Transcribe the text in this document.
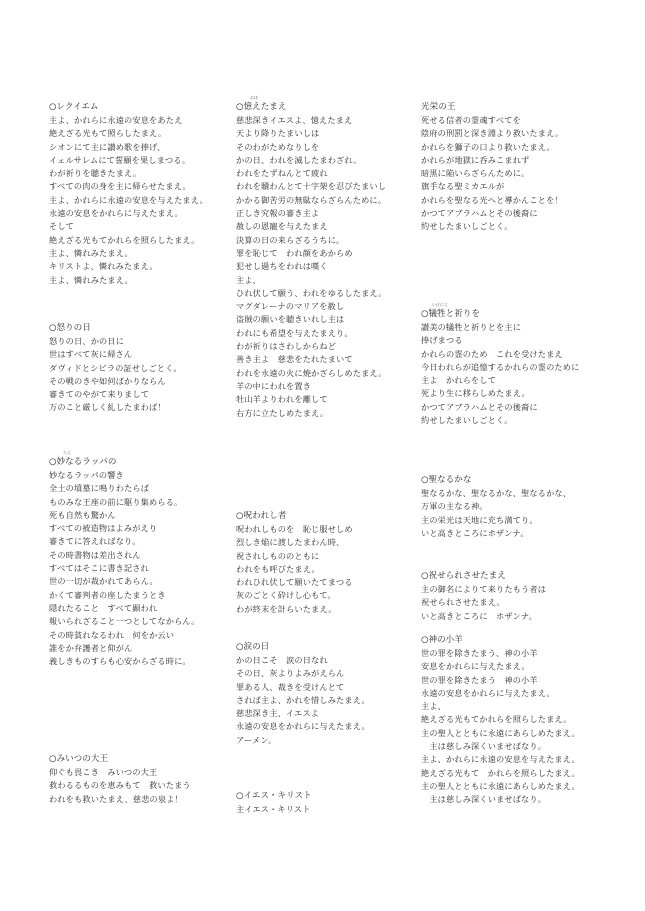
○レクイエム
主よ、かれらに永遠の安息をあたえ
絶えざる光もて照らしたまえ。
シオンにて主に讃め歌を捧げ、
イェルサレムにて誓願を果しまつる。
わが祈りを聴きたまえ。
すべての肉の身を主に帰らせたまえ。
主よ、かれらに永遠の安息を与えたまえ。
永遠の安息をかれらに与えたまえ。
そして
絶えざる光もてかれらを照らしたまえ。
主よ、憐れみたまえ。
キリストよ、憐れみたまえ。
主よ、憐れみたまえ。
○怒りの日
怒りの日、かの日に
世はすべて灰に帰さん
ダヴィドとシビラの証せしごとく。
その戦のきや如何ばかりならん
審きてのやがて来りまして
万のこと厳しく糺したまわば！
たえ
○妙なるラッパの
妙なるラッパの響き
全土の墳墓に鳴りわたらば
ものみな王座の前に駆り集めらる。
死も自然も驚かん
すべての被造物はよみがえり
審きてに答えればなり。
その時書物は差出されん
すべてはそこに書き記され
世の一切が裁かれてあらん。
かくて審判者の座したまうとき
隠れたること　すべて顕われ
報いられざること一つとしてなからん。
その時貧れなるわれ　何をか云い
誰をか弁護者と仰がん
義しきものすらも心安からざる時に。
○みいつの大王
仰ぐも畏こき　みいつの大王
救わるるものを恵みもて　救いたまう
われをも救いたまえ、慈悲の泉よ！
おぼ
○憶えたまえ
慈悲深きイエスよ、憶えたまえ
天より降りたまいしは
そのわがためなりしを
かの日、われを滅したまわざれ。
われをたずねんとて疲れ
われを贖わんとて十字架を忍びたまいし
かかる御苦労の無駄ならざらんために。
正しき究報の審き主よ
赦しの恩寵を与えたまえ
決算の日の来らざるうちに。
罪を恥じて　われ顔をあからめ
犯せし過ちをわれは嘆く
主よ、
ひれ伏して願う、われをゆるしたまえ。
マグダレーナのマリアを赦し
盗賊の願いを聴きいれし主は
われにも希望を与えたまえり。
わが祈りはさわしからねど
善き主よ　慈悲をたれたまいて
われを永遠の火に焼かざらしめたまえ。
羊の中にわれを置き
牡山羊よりわれを離して
右方に立たしめたまえ。
○呪われし者
呪われしものを　恥じ服せしめ
烈しき焔に渡したまわん時、
祝されしもののともに
われをも呼びたまえ。
われひれ伏して願いたてまつる
灰のごとく砕けし心もて。
わが終末を計らいたまえ。
○涙の日
かの日こそ　涙の日なれ
その日、灰よりよみがえらん
罪ある人、裁きを受けんとて
されば主よ、かれを惜しみたまえ。
慈悲深き主、イエスよ
永遠の安息をかれらに与えたまえ。
アーメン。
○イエス・キリスト
主イエス・キリスト
光栄の王
死せる信者の霊魂すべてを
陰府の刑罰と深き淵より救いたまえ。
かれらを獅子の口より救いたまえ。
かれらが地獄に呑みこまれず
暗黒に陥いらざらんために。
旗手なる聖ミカエルが
かれらを聖なる光へと導かんことを！
かつてアブラハムとその後裔に
約せしたまいしごとく。
いけにえ
○犠牲と祈りを
讃美の犠牲と祈りとを主に
捧げまつる
かれらの霊のため　これを受けたまえ
今日われらが追憶するかれらの霊のために
主よ　かれらをして
死より生に移らしめたまえ。
かつてアブラハムとその後裔に
約せしたまいしごとく。
○聖なるかな
聖なるかな、聖なるかな、聖なるかな、
万軍の主なる神。
主の栄光は天地に充ち満てり。
いと高きところにホザンナ。
○祝せられさせたまえ
主の御名によりて来りたもう者は
祝せられさせたまえ。
いと高きところに　ホザンナ。
○神の小羊
世の罪を除きたまう、神の小羊
安息をかれらに与えたまえ。
世の罪を除きたまう　神の小羊
永遠の安息をかれらに与えたまえ。
主よ、
絶えざる光もてかれらを照らしたまえ。
主の聖人とともに永遠にあらしめたまえ。
　主は慈しみ深くいませばなり。
主よ、かれらに永遠の安息を与えたまえ。
絶えざる光もて　かれらを照らしたまえ。
主の聖人とともに永遠にあらしめたまえ。
　主は慈しみ深くいませばなり。
